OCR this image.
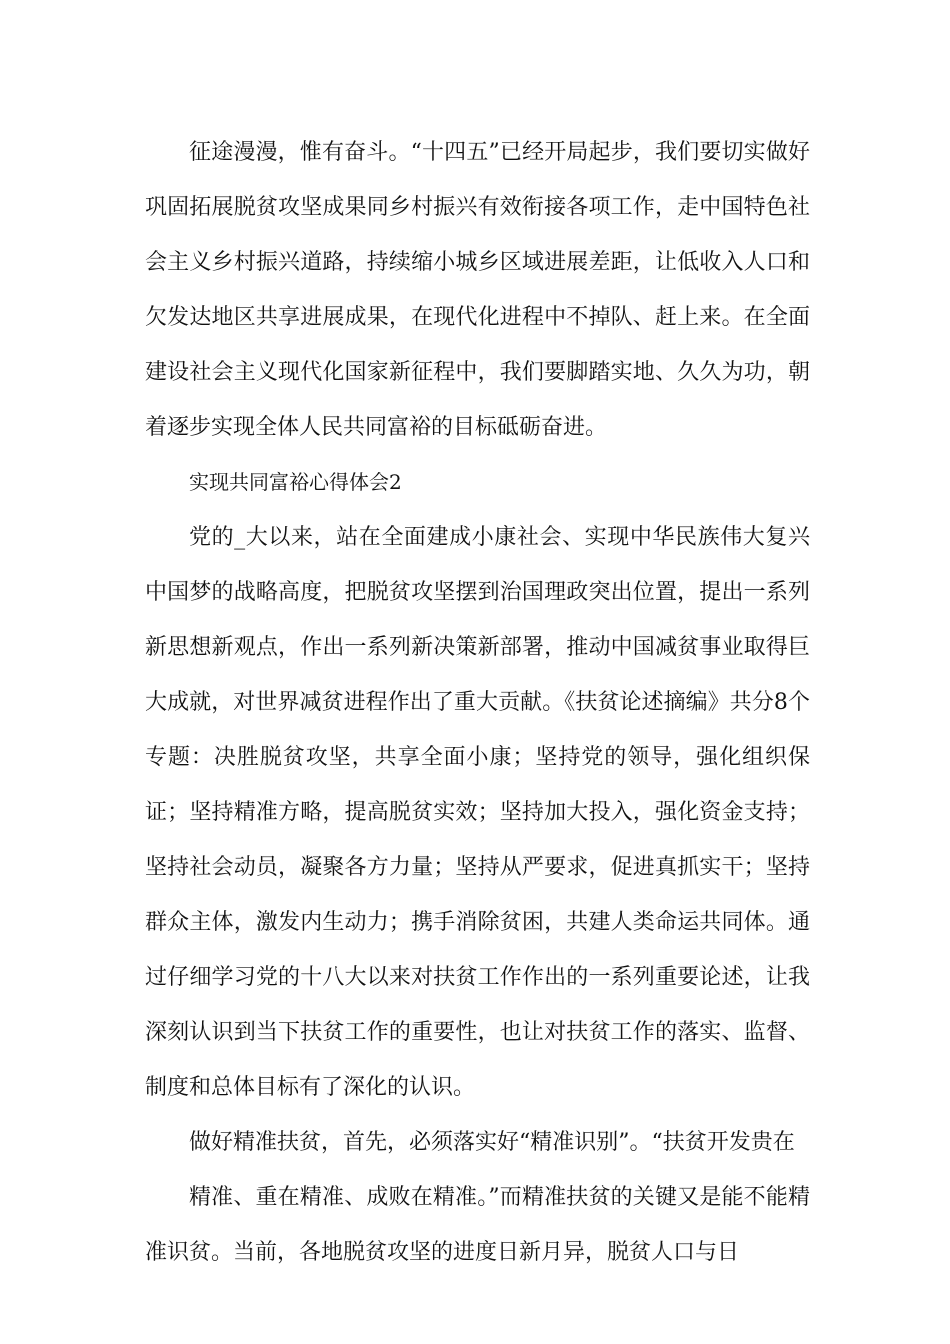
征途漫漫，惟有奋斗。“十四五”已经开局起步，我们要切实做好巩固拓展脱贫攻坚成果同乡村振兴有效衔接各项工作，走中国特色社会主义乡村振兴道路，持续缩小城乡区域进展差距，让低收入人口和欠发达地区共享进展成果，在现代化进程中不掉队、赶上来。在全面建设社会主义现代化国家新征程中，我们要脚踏实地、久久为功，朝着逐步实现全体人民共同富裕的目标砥砺奋进。

实现共同富裕心得体会2

党的_大以来，站在全面建成小康社会、实现中华民族伟大复兴中国梦的战略高度，把脱贫攻坚摆到治国理政突出位置，提出一系列新思想新观点，作出一系列新决策新部署，推动中国减贫事业取得巨大成就，对世界减贫进程作出了重大贡献。《扶贫论述摘编》共分8个专题：决胜脱贫攻坚，共享全面小康；坚持党的领导，强化组织保证；坚持精准方略，提高脱贫实效；坚持加大投入，强化资金支持；坚持社会动员，凝聚各方力量；坚持从严要求，促进真抓实干；坚持群众主体，激发内生动力；携手消除贫困，共建人类命运共同体。通过仔细学习党的十八大以来对扶贫工作作出的一系列重要论述，让我深刻认识到当下扶贫工作的重要性，也让对扶贫工作的落实、监督、制度和总体目标有了深化的认识。

做好精准扶贫，首先，必须落实好“精准识别”。“扶贫开发贵在

精准、重在精准、成败在精准。”而精准扶贫的关键又是能不能精准识贫。当前，各地脱贫攻坚的进度日新月异，脱贫人口与日
